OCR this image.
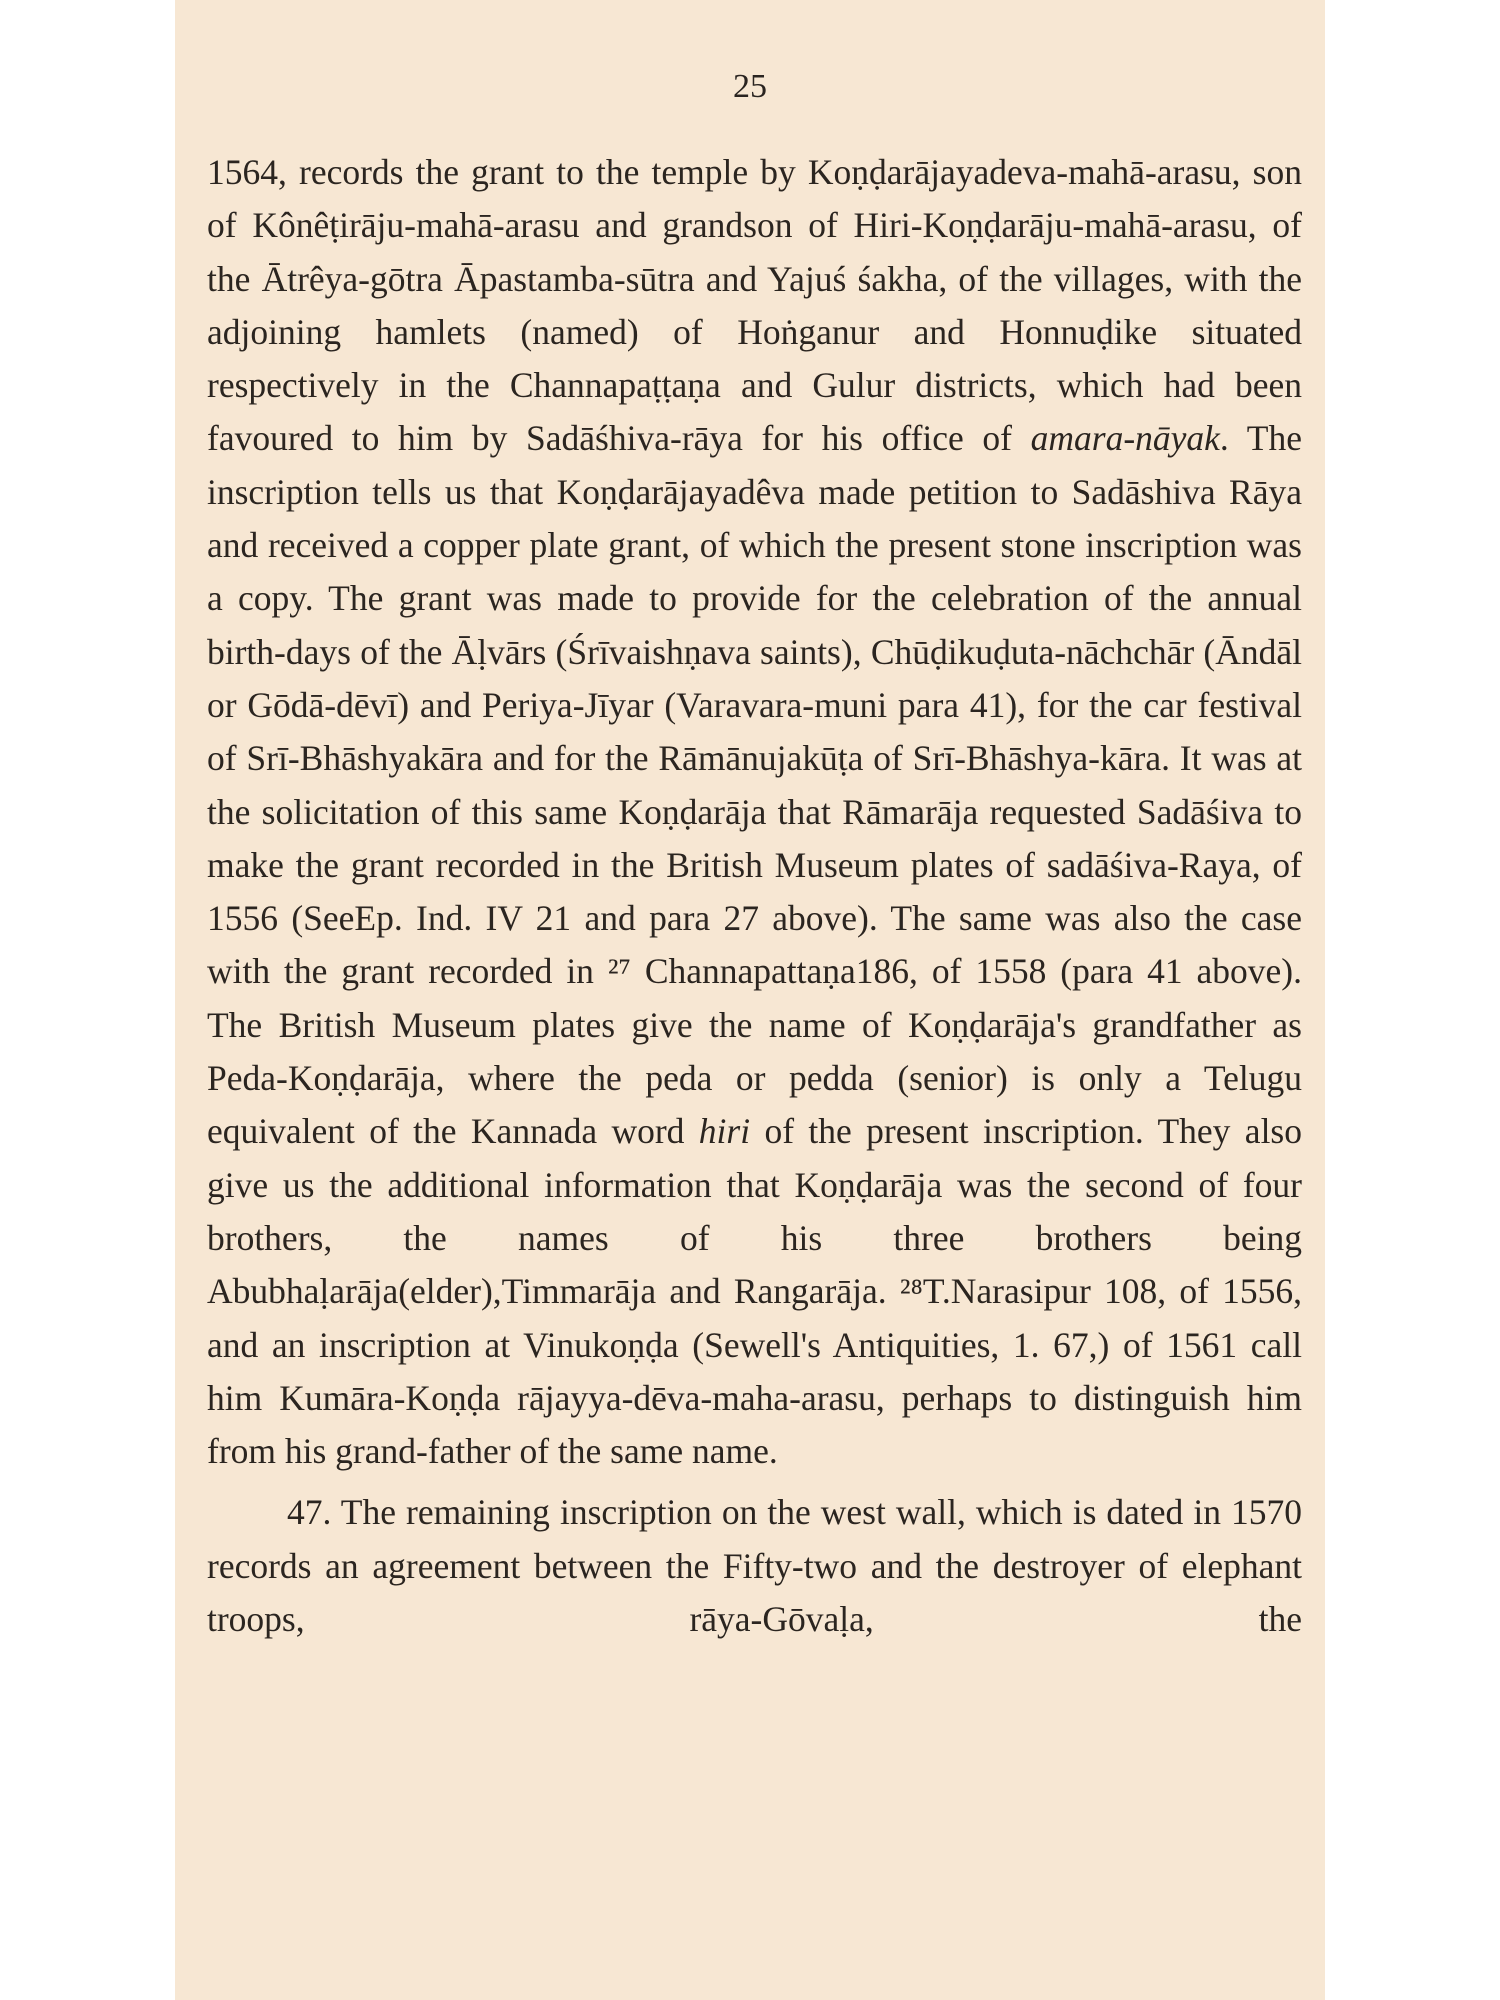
25

1564, records the grant to the temple by Koṇḍarājayadeva-mahā-arasu, son of Kônêṭirāju-mahā-arasu and grandson of Hiri-Koṇḍarāju-mahā-arasu, of the Ātrêya-gōtra Āpastamba-sūtra and Yajuś śakha, of the villages, with the adjoining hamlets (named) of Hoṅganur and Honnuḍike situated respectively in the Channapaṭṭaṇa and Gulur districts, which had been favoured to him by Sadāśhiva-rāya for his office of amara-nāyak. The inscription tells us that Koṇḍarājayadêva made petition to Sadāshiva Rāya and received a copper plate grant, of which the present stone inscription was a copy. The grant was made to provide for the celebration of the annual birth-days of the Āḷvārs (Śrīvaishṇava saints), Chūḍikuḍuta-nāchchār (Āndāl or Gōdā-dēvī) and Periya-Jīyar (Varavara-muni para 41), for the car festival of Srī-Bhāshyakāra and for the Rāmānujakūṭa of Srī-Bhāshya-kāra. It was at the solicitation of this same Koṇḍarāja that Rāmarāja requested Sadāśiva to make the grant recorded in the British Museum plates of sadāśiva-Raya, of 1556 (SeeEp. Ind. IV 21 and para 27 above). The same was also the case with the grant recorded in ²⁷ Channapattaṇa186, of 1558 (para 41 above). The British Museum plates give the name of Koṇḍarāja's grandfather as Peda-Koṇḍarāja, where the peda or pedda (senior) is only a Telugu equivalent of the Kannada word hiri of the present inscription. They also give us the additional information that Koṇḍarāja was the second of four brothers, the names of his three brothers being Abubhaḷarāja(elder),Timmarāja and Rangarāja. ²⁸T.Narasipur 108, of 1556, and an inscription at Vinukoṇḍa (Sewell's Antiquities, 1. 67,) of 1561 call him Kumāra-Koṇḍa rājayya-dēva-maha-arasu, perhaps to distinguish him from his grand-father of the same name.

47. The remaining inscription on the west wall, which is dated in 1570 records an agreement between the Fifty-two and the destroyer of elephant troops, rāya-Gōvaḷa, the
